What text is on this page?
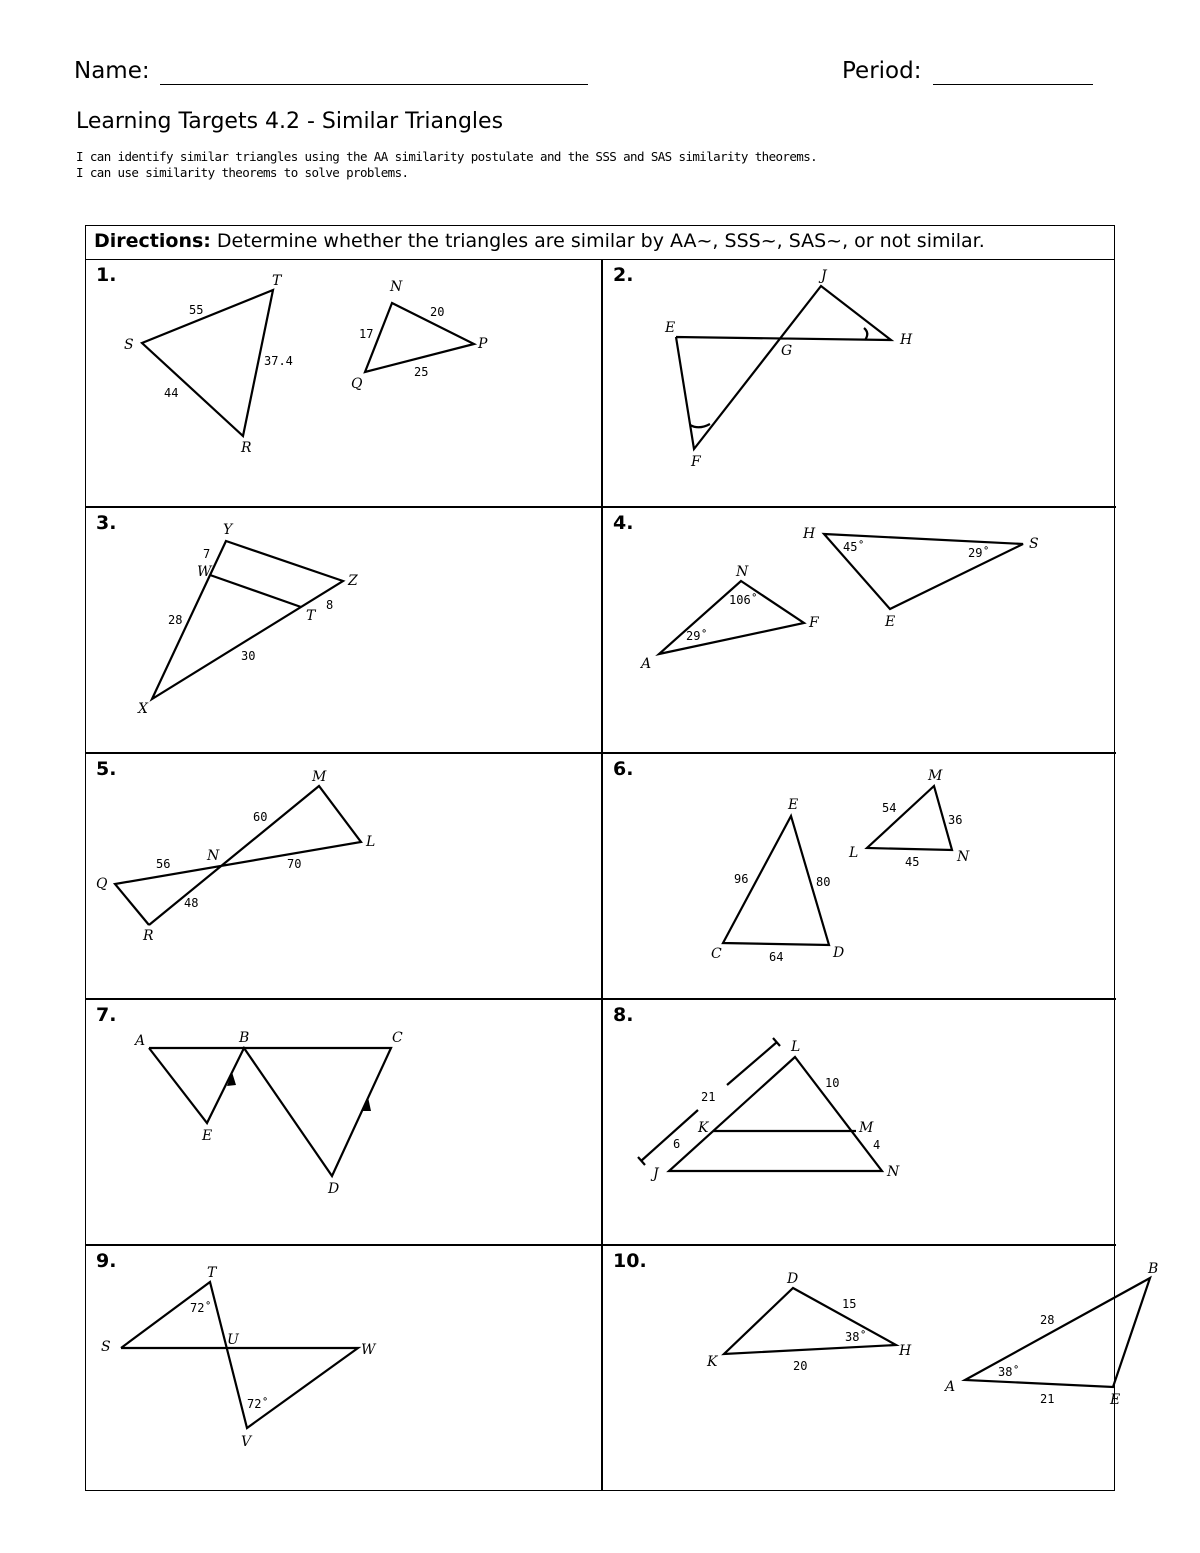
Name:	Period:
Learning Targets 4.2 - Similar Triangles
I can identify similar triangles using the AA similarity postulate and the SSS and SAS similarity theorems.
I can use similarity theorems to solve problems.
Directions: Determine whether the triangles are similar by AA~, SSS~, SAS~, or not similar.
1.	T
S
R
N
Q
P
55
37.4
44
20
17
25
2.	J
E
G
H
F
3.	Y
W
Z
T
X
7
28
8
30
4.	H
S
N
F
A
E
45˚	29˚
106˚
29˚
5.	M
L
N
Q
R
60
56	70
48
6.
E
C	D
M
L	N
96	80
64
54
36
45
7.
A	B	C
E
D
8.
L
K	M
J	N
21
10
6	4
9.
T
S	U
W
V
72˚
72˚
10.
D
K
H
B
A
E
15
38˚
20
28
38˚
21
